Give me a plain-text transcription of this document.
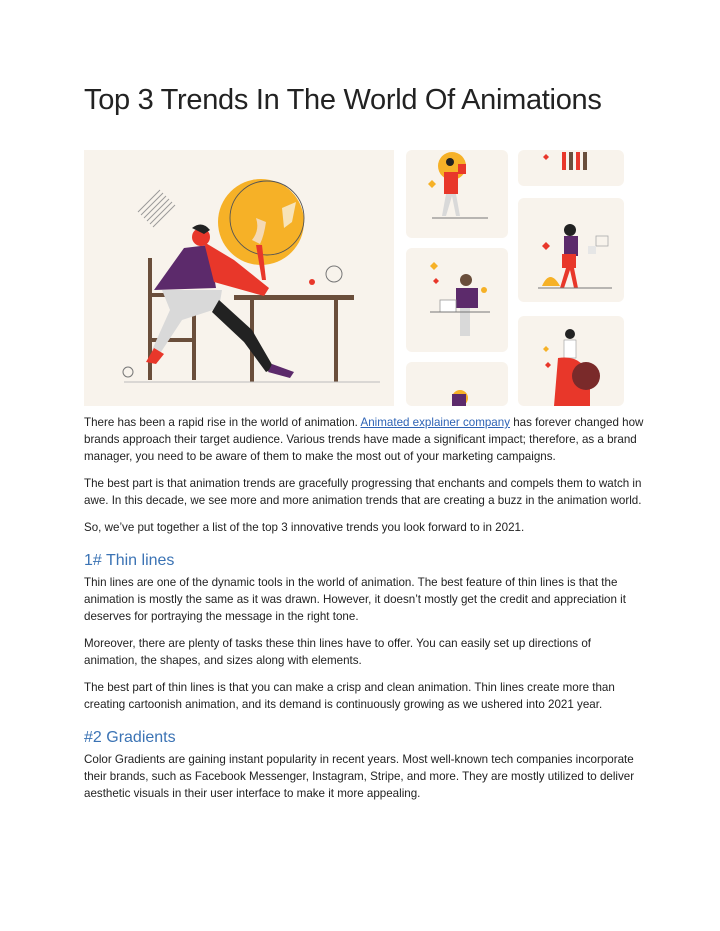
Top 3 Trends In The World Of Animations

There has been a rapid rise in the world of animation. Animated explainer company has forever changed how brands approach their target audience. Various trends have made a significant impact; therefore, as a brand manager, you need to be aware of them to make the most out of your marketing campaigns.

The best part is that animation trends are gracefully progressing that enchants and compels them to watch in awe. In this decade, we see more and more animation trends that are creating a buzz in the animation world.

So, we’ve put together a list of the top 3 innovative trends you look forward to in 2021.

1# Thin lines

Thin lines are one of the dynamic tools in the world of animation. The best feature of thin lines is that the animation is mostly the same as it was drawn. However, it doesn’t mostly get the credit and appreciation it deserves for portraying the message in the right tone.

Moreover, there are plenty of tasks these thin lines have to offer. You can easily set up directions of animation, the shapes, and sizes along with elements.

The best part of thin lines is that you can make a crisp and clean animation. Thin lines create more than creating cartoonish animation, and its demand is continuously growing as we ushered into 2021 year.

#2 Gradients

Color Gradients are gaining instant popularity in recent years. Most well-known tech companies incorporate their brands, such as Facebook Messenger, Instagram, Stripe, and more. They are mostly utilized to deliver aesthetic visuals in their user interface to make it more appealing.
